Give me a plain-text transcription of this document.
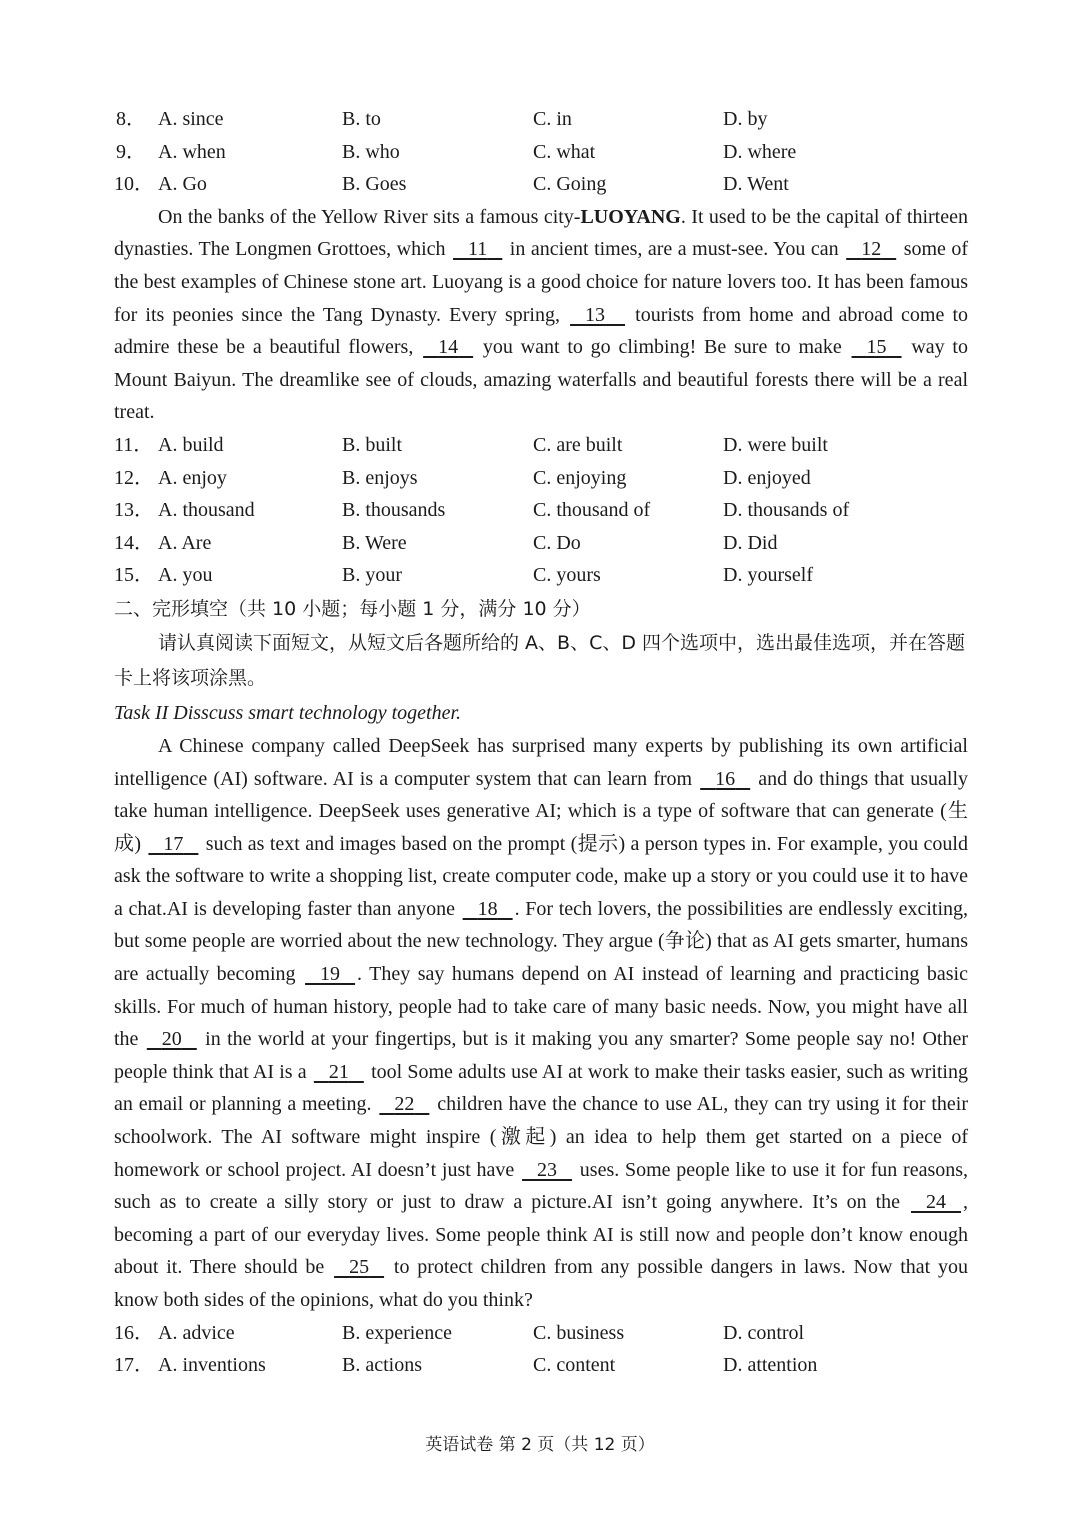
8． A. since	B. to	C. in	D. by
9． A. when	B. who	C. what	D. where
10． A. Go	B. Goes	C. Going	D. Went

On the banks of the Yellow River sits a famous city-LUOYANG. It used to be the capital of thirteen dynasties. The Longmen Grottoes, which 11 in ancient times, are a must-see. You can 12 some of the best examples of Chinese stone art. Luoyang is a good choice for nature lovers too. It has been famous for its peonies since the Tang Dynasty. Every spring, 13 tourists from home and abroad come to admire these be a beautiful flowers, 14 you want to go climbing! Be sure to make 15 way to Mount Baiyun. The dreamlike see of clouds, amazing waterfalls and beautiful forests there will be a real treat.

11． A. build	B. built	C. are built	D. were built
12． A. enjoy	B. enjoys	C. enjoying	D. enjoyed
13． A. thousand	B. thousands	C. thousand of	D. thousands of
14． A. Are	B. Were	C. Do	D. Did
15． A. you	B. your	C. yours	D. yourself
二、完形填空（共 10 小题；每小题 1 分，满分 10 分）

请认真阅读下面短文，从短文后各题所给的 A、B、C、D 四个选项中，选出最佳选项，并在答题卡上将该项涂黑。

Task II Disscuss smart technology together.

A Chinese company called DeepSeek has surprised many experts by publishing its own artificial intelligence (AI) software. AI is a computer system that can learn from 16 and do things that usually take human intelligence. DeepSeek uses generative AI; which is a type of software that can generate (生成) 17 such as text and images based on the prompt (提示) a person types in. For example, you could ask the software to write a shopping list, create computer code, make up a story or you could use it to have a chat.AI is developing faster than anyone 18 . For tech lovers, the possibilities are endlessly exciting, but some people are worried about the new technology. They argue (争论) that as AI gets smarter, humans are actually becoming 19 . They say humans depend on AI instead of learning and practicing basic skills. For much of human history, people had to take care of many basic needs. Now, you might have all the 20 in the world at your fingertips, but is it making you any smarter? Some people say no! Other people think that AI is a 21 tool Some adults use AI at work to make their tasks easier, such as writing an email or planning a meeting. 22 children have the chance to use AL, they can try using it for their schoolwork. The AI software might inspire (激起) an idea to help them get started on a piece of homework or school project. AI doesn’t just have 23 uses. Some people like to use it for fun reasons, such as to create a silly story or just to draw a picture.AI isn’t going anywhere. It’s on the 24 , becoming a part of our everyday lives. Some people think AI is still now and people don’t know enough about it. There should be 25 to protect children from any possible dangers in laws. Now that you know both sides of the opinions, what do you think?

16． A. advice	B. experience	C. business	D. control
17． A. inventions	B. actions	C. content	D. attention
英语试卷 第 2 页（共 12 页）
